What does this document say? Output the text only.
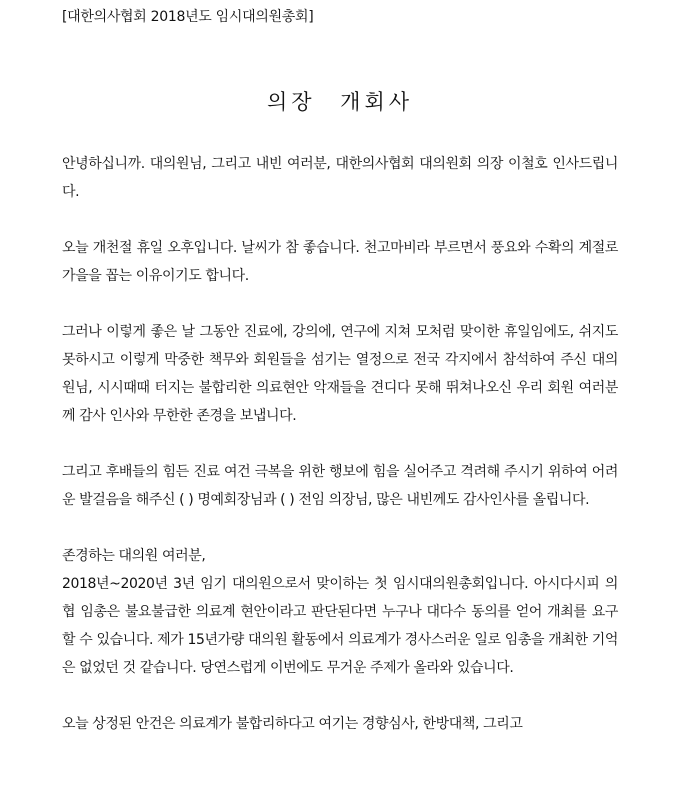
[대한의사협회 2018년도 임시대의원총회]
의장 개회사

안녕하십니까. 대의원님, 그리고 내빈 여러분, 대한의사협회 대의원회 의장 이철호 인사드립니다.

오늘 개천절 휴일 오후입니다. 날씨가 참 좋습니다. 천고마비라 부르면서 풍요와 수확의 계절로 가을을 꼽는 이유이기도 합니다.

그러나 이렇게 좋은 날 그동안 진료에, 강의에, 연구에 지쳐 모처럼 맞이한 휴일임에도, 쉬지도 못하시고 이렇게 막중한 책무와 회원들을 섬기는 열정으로 전국 각지에서 참석하여 주신 대의원님, 시시때때 터지는 불합리한 의료현안 악재들을 견디다 못해 뛰쳐나오신 우리 회원 여러분께 감사 인사와 무한한 존경을 보냅니다.

그리고 후배들의 힘든 진료 여건 극복을 위한 행보에 힘을 실어주고 격려해 주시기 위하여 어려운 발걸음을 해주신 ( ) 명예회장님과 ( ) 전임 의장님, 많은 내빈께도 감사인사를 올립니다.

존경하는 대의원 여러분,

2018년~2020년 3년 임기 대의원으로서 맞이하는 첫 임시대의원총회입니다. 아시다시피 의협 임총은 불요불급한 의료계 현안이라고 판단된다면 누구나 대다수 동의를 얻어 개최를 요구할 수 있습니다. 제가 15년가량 대의원 활동에서 의료계가 경사스러운 일로 임총을 개최한 기억은 없었던 것 같습니다. 당연스럽게 이번에도 무거운 주제가 올라와 있습니다.

오늘 상정된 안건은 의료계가 불합리하다고 여기는 경향심사, 한방대책, 그리고
